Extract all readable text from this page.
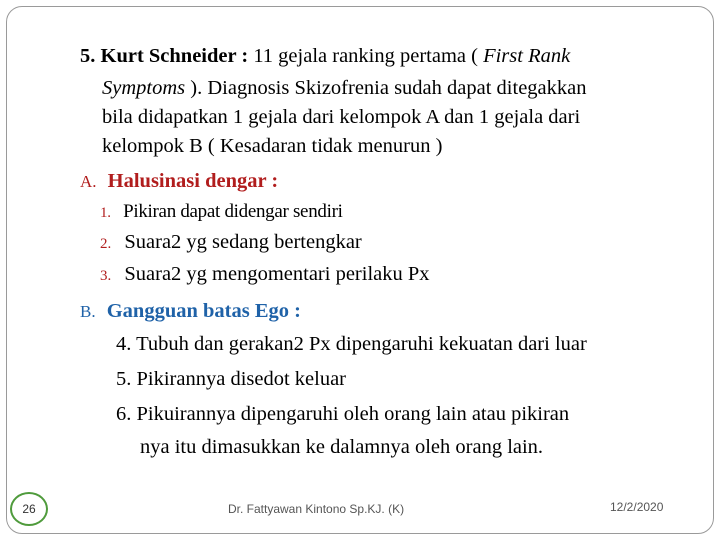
5. Kurt Schneider : 11 gejala ranking pertama ( First Rank
Symptoms ). Diagnosis Skizofrenia sudah dapat ditegakkan
bila didapatkan 1 gejala dari kelompok A dan 1 gejala dari
kelompok B ( Kesadaran tidak menurun )
A. Halusinasi dengar :
1. Pikiran dapat didengar sendiri
2. Suara2 yg sedang bertengkar
3. Suara2 yg mengomentari perilaku Px
B. Gangguan batas Ego :
4. Tubuh dan gerakan2 Px dipengaruhi kekuatan dari luar
5. Pikirannya disedot keluar
6. Pikuirannya dipengaruhi oleh orang lain atau pikiran
nya itu dimasukkan ke dalamnya oleh orang lain.
26	Dr. Fattyawan Kintono Sp.KJ. (K)	12/2/2020
